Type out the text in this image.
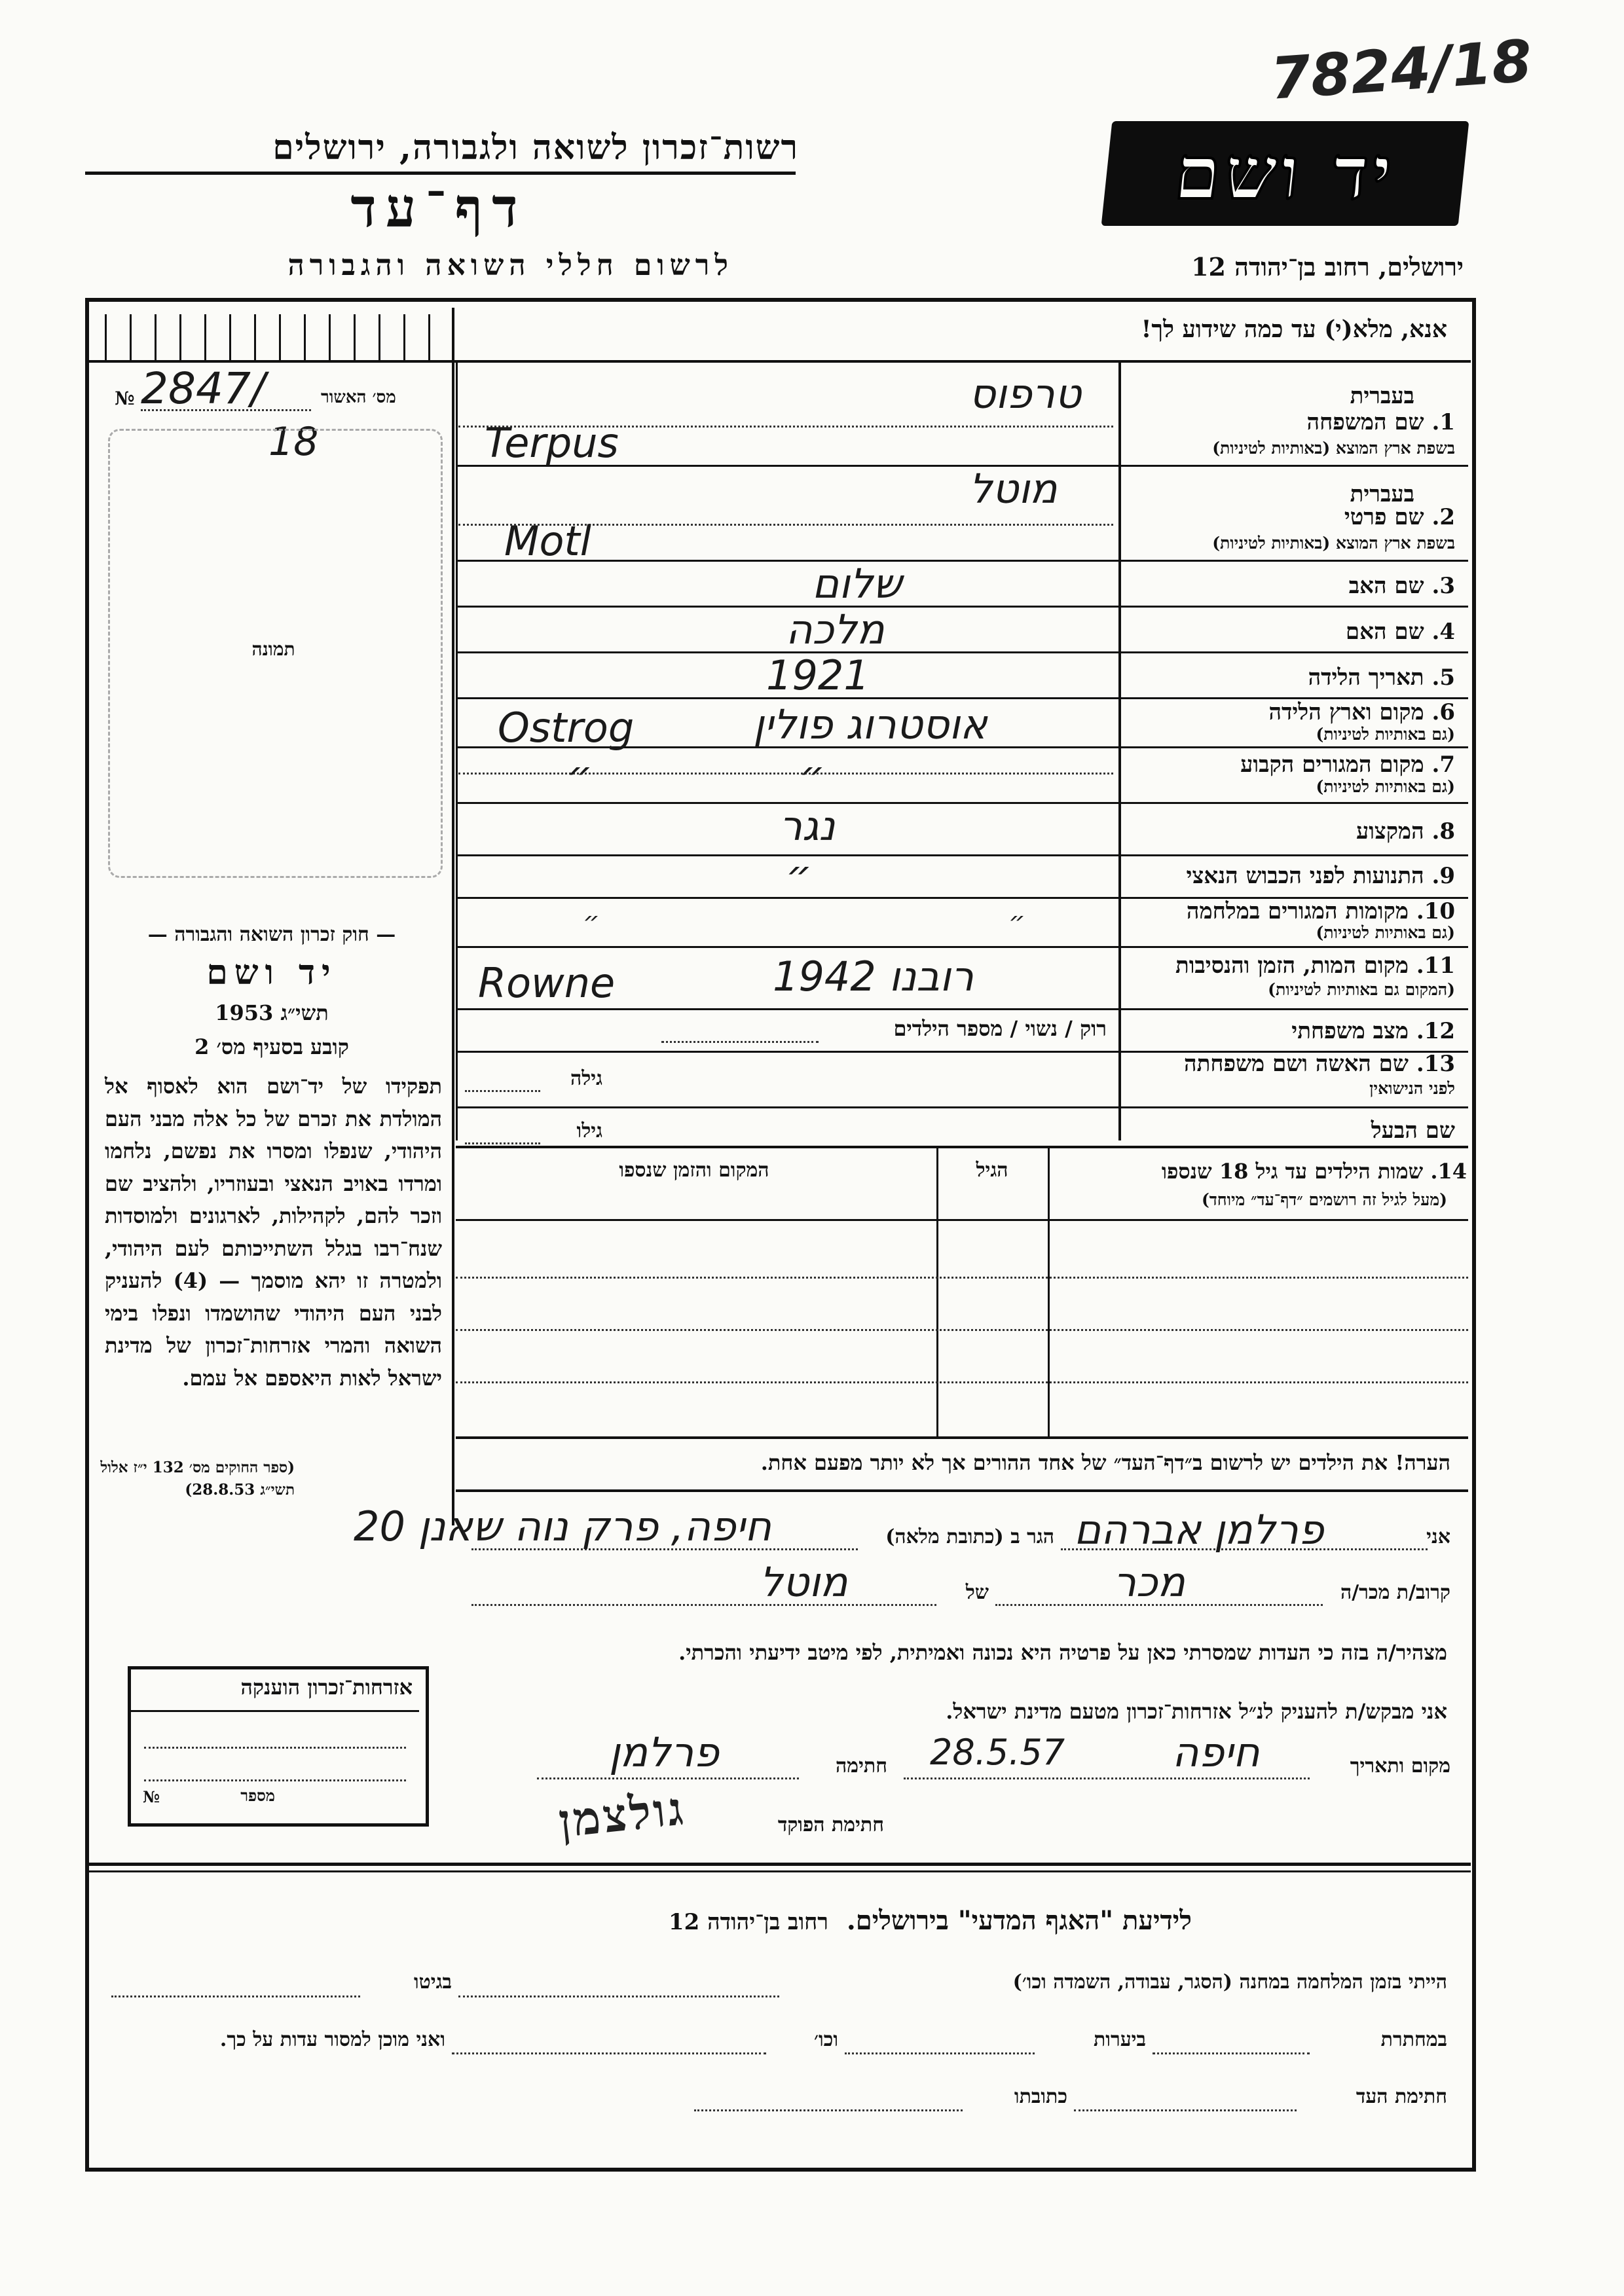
7824/18
רשות־זכרון לשואה ולגבורה, ירושלים
דף־עד
לרשום חללי השואה והגבורה
יד ושם
ירושלים, רחוב בן־יהודה 12
אנא, מלא(י) עד כמה שידוע לך!
מס׳ האשור
№ 2847/
18
תמונה
— חוק זכרון השואה והגבורה —
יד ושם
תשי״ג 1953
קובע בסעיף מס׳ 2
תפקידו של יד־ושם הוא לאסוף אל המולדת את זכרם של כל אלה מבני העם היהודי, שנפלו ומסרו את נפשם, נלחמו ומרדו באויב הנאצי ובעוזריו, ולהציב שם וזכר להם, לקהילות, לארגונים ולמוסדות שנח־רבו בגלל השתייכותם לעם היהודי, ולמטרה זו יהא מוסמך — (4) להעניק לבני העם היהודי שהושמדו ונפלו בימי השואה והמרי אזרחות־זכרון של מדינת ישראל לאות היאספם אל עמם.
(ספר החוקים מס׳ 132 י״ז אלול תשי״ג 28.8.53)
בעברית
1. שם המשפחה
בשפת ארץ המוצא (באותיות לטיניות)
טרפוס
Terpus
בעברית
2. שם פרטי
בשפת ארץ המוצא (באותיות לטיניות)
מוטל
Motl
3. שם האב
שלום
4. שם האם
מלכה
5. תאריך הלידה
1921
6. מקום וארץ הלידה
(גם באותיות לטיניות)
אוסטרוג פולין
Ostrog
7. מקום המגורים הקבוע
(גם באותיות לטיניות)
״
״
8. המקצוע
נגר
9. התנועות לפני הכבוש הנאצי
״
10. מקומות המגורים במלחמה
(גם באותיות לטיניות)
״
״
11. מקום המות, הזמן והנסיבות
(המקום גם באותיות לטיניות)
רובנו 1942
Rowne
12. מצב משפחתי
רוק / נשוי / מספר הילדים
13. שם האשה ושם משפחתה
לפני הנישואין
גילה
שם הבעל
גילו
14. שמות הילדים עד גיל 18 שנספו
(מעל לגיל זה רושמים ״דף־עד״ מיוחד)
הגיל
המקום והזמן שנספו
הערה! את הילדים יש לרשום ב״דף־העד״ של אחד ההורים אך לא יותר מפעם אחת.
אני
פרלמן אברהם
הגר ב (כתובת מלאה)
חיפה, פרק נוה שאנן 20
קרוב/ת מכר/ה
מכר
של
מוטל
מצהיר/ה בזה כי העדות שמסרתי כאן על פרטיה היא נכונה ואמיתית, לפי מיטב ידיעתי והכרתי.
אני מבקש/ת להעניק לנ״ל אזרחות־זכרון מטעם מדינת ישראל.
מקום ותאריך
חיפה
28.5.57
חתימה
פרלמן
חתימת הפוקד
גולצמן
אזרחות־זכרון הוענקה
מספר
№
לידיעת "האגף המדעי" בירושלים.  רחוב בן־יהודה 12
הייתי בזמן המלחמה במחנה (הסגר, עבודה, השמדה וכו׳)
בגיטו
במחתרת
ביערות
וכו׳
ואני מוכן למסור עדות על כך.
חתימת העד
כתובתו
